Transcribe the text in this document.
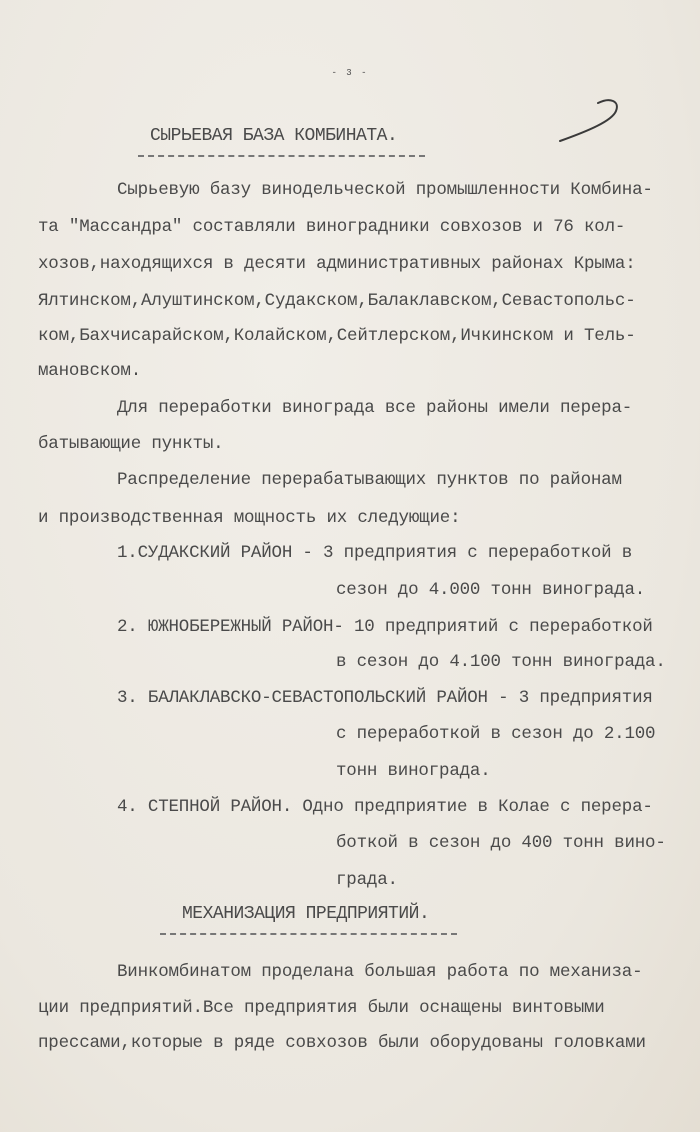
- 3 -
СЫРЬЕВАЯ БАЗА КОМБИНАТА.
Сырьевую базу винодельческой промышленности Комбина-
та "Массандра" составляли виноградники совхозов и 76 кол-
хозов,находящихся в десяти административных районах Крыма:
Ялтинском,Алуштинском,Судакском,Балаклавском,Севастопольс-
ком,Бахчисарайском,Колайском,Сейтлерском,Ичкинском и Тель-
мановском.
Для переработки винограда все районы имели перера-
батывающие пункты.
Распределение перерабатывающих пунктов по районам
и производственная мощность их следующие:
1.СУДАКСКИЙ РАЙОН - 3 предприятия с переработкой в
сезон до 4.000 тонн винограда.
2. ЮЖНОБЕРЕЖНЫЙ РАЙОН- 10 предприятий с переработкой
в сезон до 4.100 тонн винограда.
3. БАЛАКЛАВСКО-СЕВАСТОПОЛЬСКИЙ РАЙОН - 3 предприятия
с переработкой в сезон до 2.100
тонн винограда.
4. СТЕПНОЙ РАЙОН. Одно предприятие в Колае с перера-
боткой в сезон до 400 тонн вино-
града.
МЕХАНИЗАЦИЯ ПРЕДПРИЯТИЙ.
Винкомбинатом проделана большая работа по механиза-
ции предприятий.Все предприятия были оснащены винтовыми
прессами,которые в ряде совхозов были оборудованы головками
